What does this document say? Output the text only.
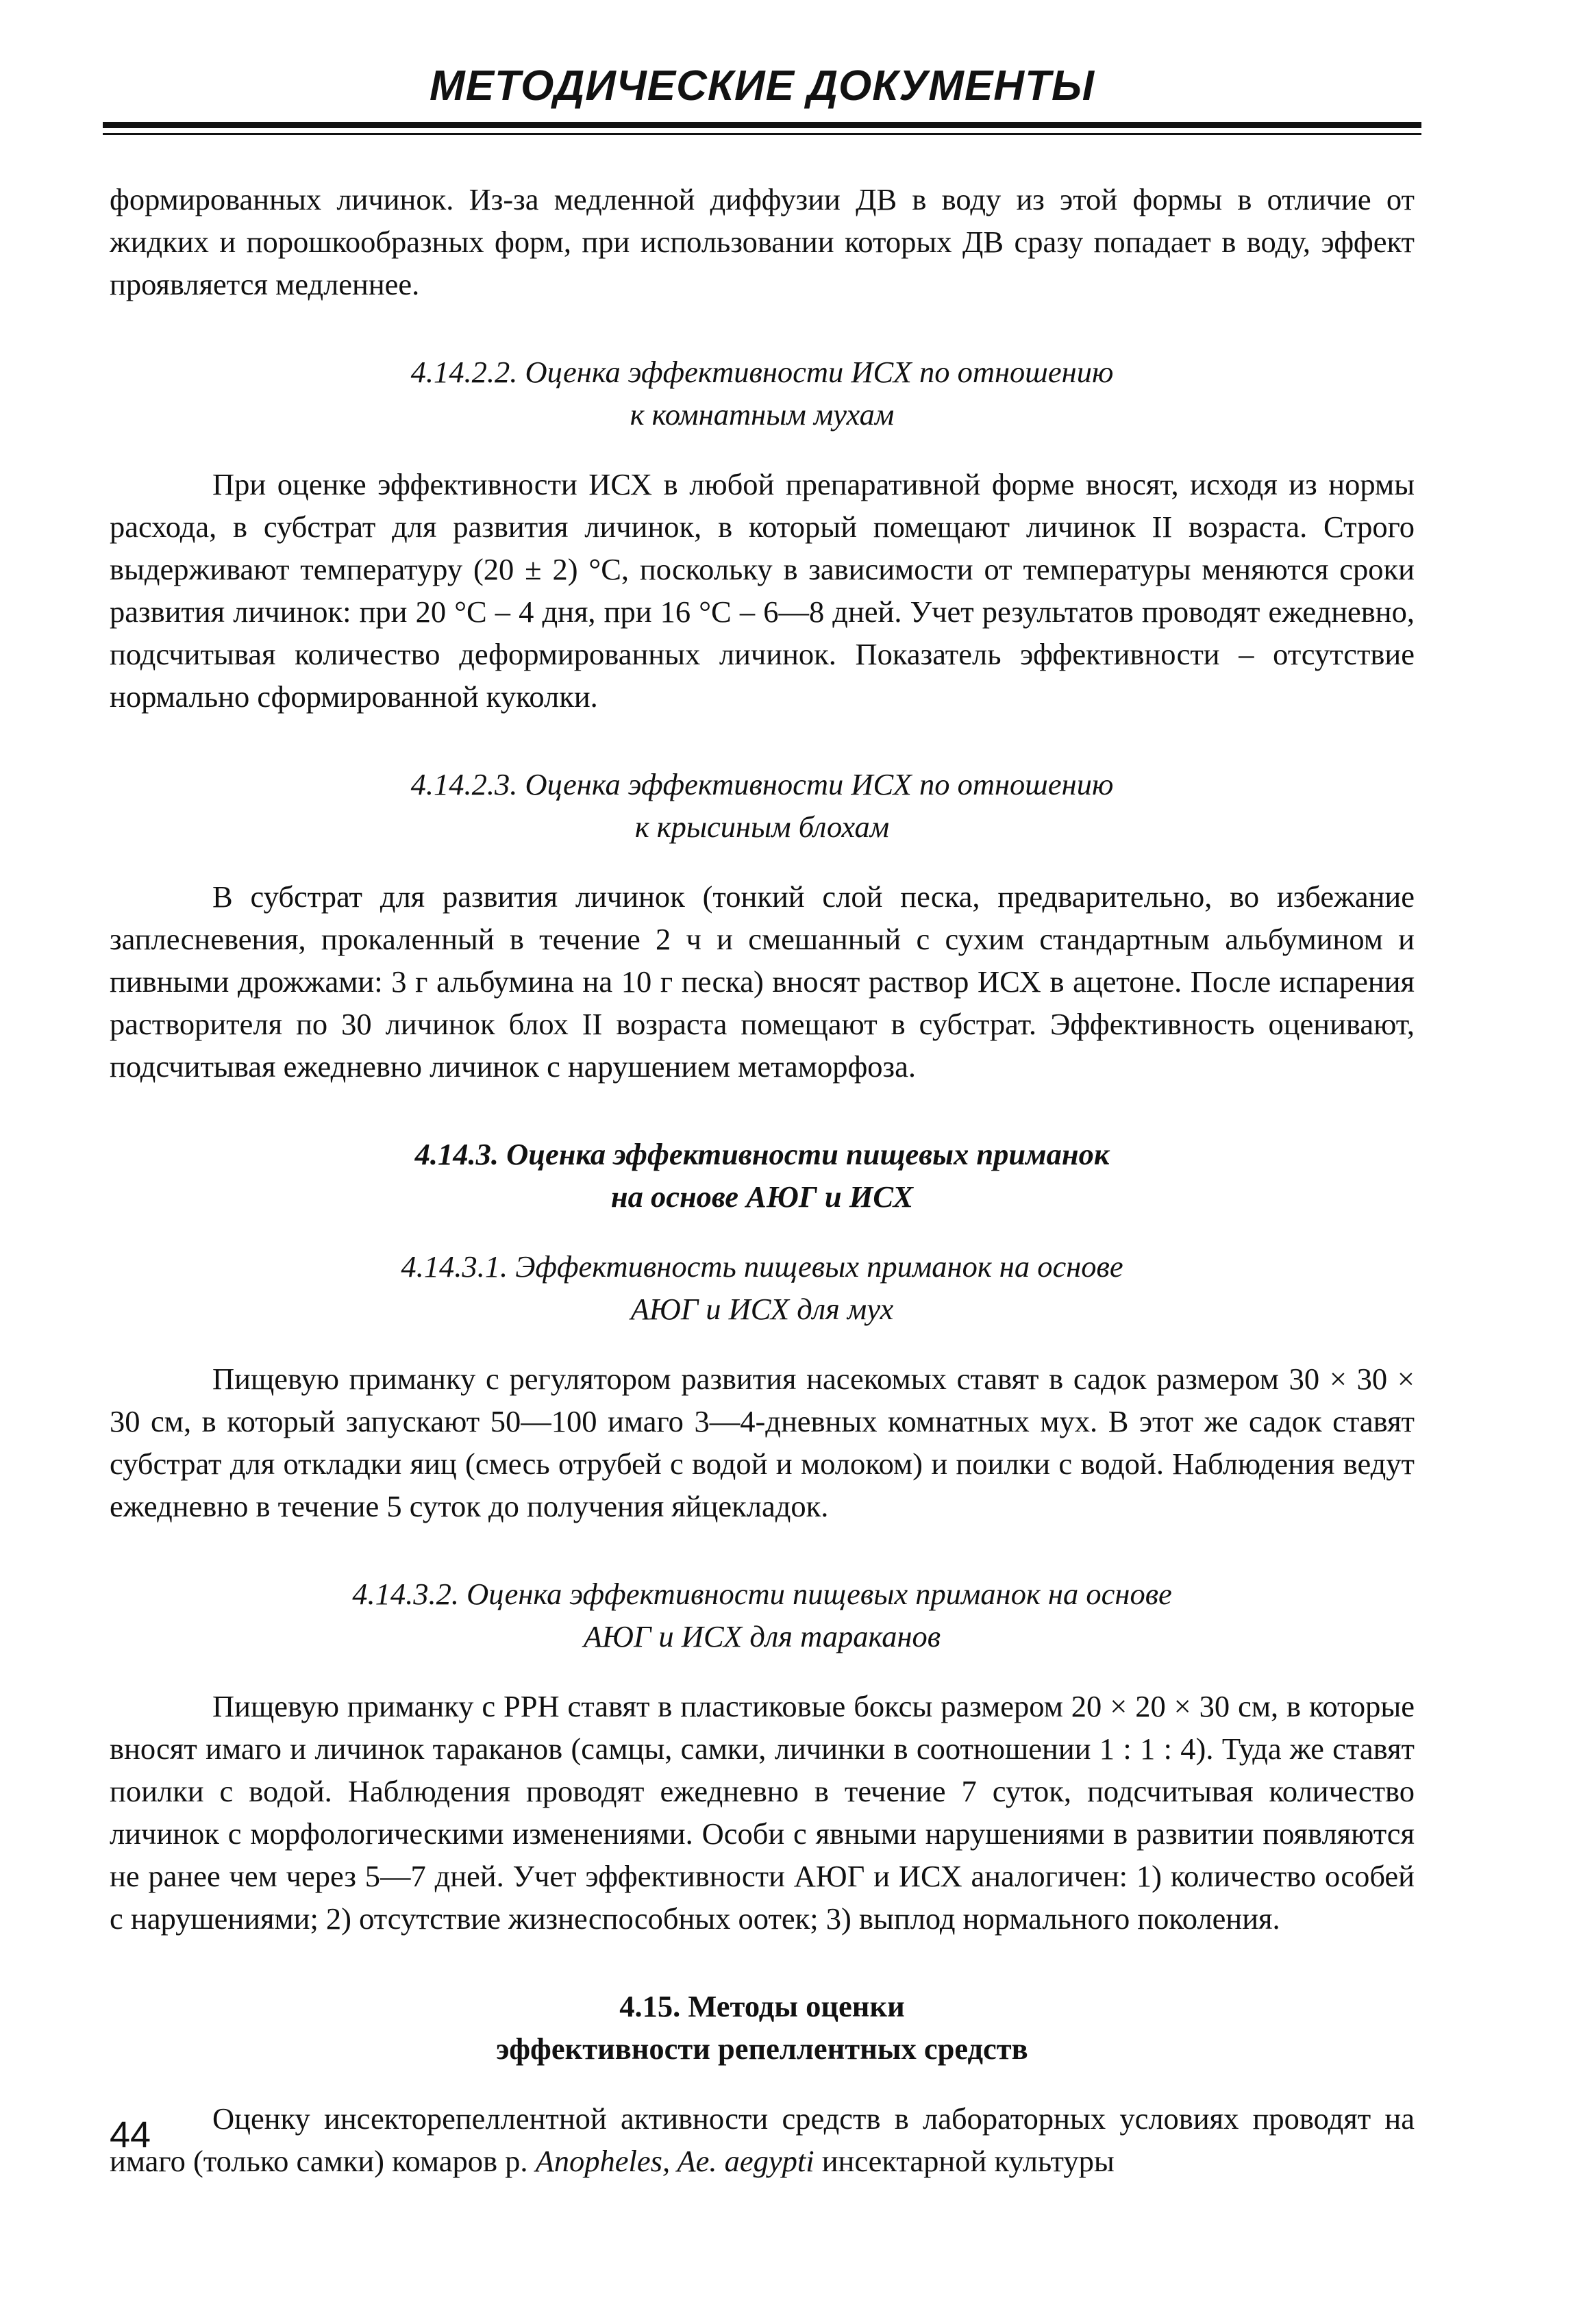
МЕТОДИЧЕСКИЕ ДОКУМЕНТЫ

формированных личинок. Из-за медленной диффузии ДВ в воду из этой формы в отличие от жидких и порошкообразных форм, при использовании которых ДВ сразу попадает в воду, эффект проявляется медленнее.

4.14.2.2. Оценка эффективности ИСХ по отношению
к комнатным мухам

При оценке эффективности ИСХ в любой препаративной форме вносят, исходя из нормы расхода, в субстрат для развития личинок, в который помещают личинок II возраста. Строго выдерживают температуру (20 ± 2) °С, поскольку в зависимости от температуры меняются сроки развития личинок: при 20 °С – 4 дня, при 16 °С – 6—8 дней. Учет результатов проводят ежедневно, подсчитывая количество деформированных личинок. Показатель эффективности – отсутствие нормально сформированной куколки.

4.14.2.3. Оценка эффективности ИСХ по отношению
к крысиным блохам

В субстрат для развития личинок (тонкий слой песка, предварительно, во избежание заплесневения, прокаленный в течение 2 ч и смешанный с сухим стандартным альбумином и пивными дрожжами: 3 г альбумина на 10 г песка) вносят раствор ИСХ в ацетоне. После испарения растворителя по 30 личинок блох II возраста помещают в субстрат. Эффективность оценивают, подсчитывая ежедневно личинок с нарушением метаморфоза.

4.14.3. Оценка эффективности пищевых приманок
на основе АЮГ и ИСХ
4.14.3.1. Эффективность пищевых приманок на основе
АЮГ и ИСХ для мух

Пищевую приманку с регулятором развития насекомых ставят в садок размером 30 × 30 × 30 см, в который запускают 50—100 имаго 3—4-дневных комнатных мух. В этот же садок ставят субстрат для откладки яиц (смесь отрубей с водой и молоком) и поилки с водой. Наблюдения ведут ежедневно в течение 5 суток до получения яйцекладок.

4.14.3.2. Оценка эффективности пищевых приманок на основе
АЮГ и ИСХ для тараканов

Пищевую приманку с РРН ставят в пластиковые боксы размером 20 × 20 × 30 см, в которые вносят имаго и личинок тараканов (самцы, самки, личинки в соотношении 1 : 1 : 4). Туда же ставят поилки с водой. Наблюдения проводят ежедневно в течение 7 суток, подсчитывая количество личинок с морфологическими изменениями. Особи с явными нарушениями в развитии появляются не ранее чем через 5—7 дней. Учет эффективности АЮГ и ИСХ аналогичен: 1) количество особей с нарушениями; 2) отсутствие жизнеспособных оотек; 3) выплод нормального поколения.

4.15. Методы оценки
эффективности репеллентных средств

Оценку инсекторепеллентной активности средств в лабораторных условиях проводят на имаго (только самки) комаров р. Anopheles, Ae. aegypti инсектарной культуры

44
